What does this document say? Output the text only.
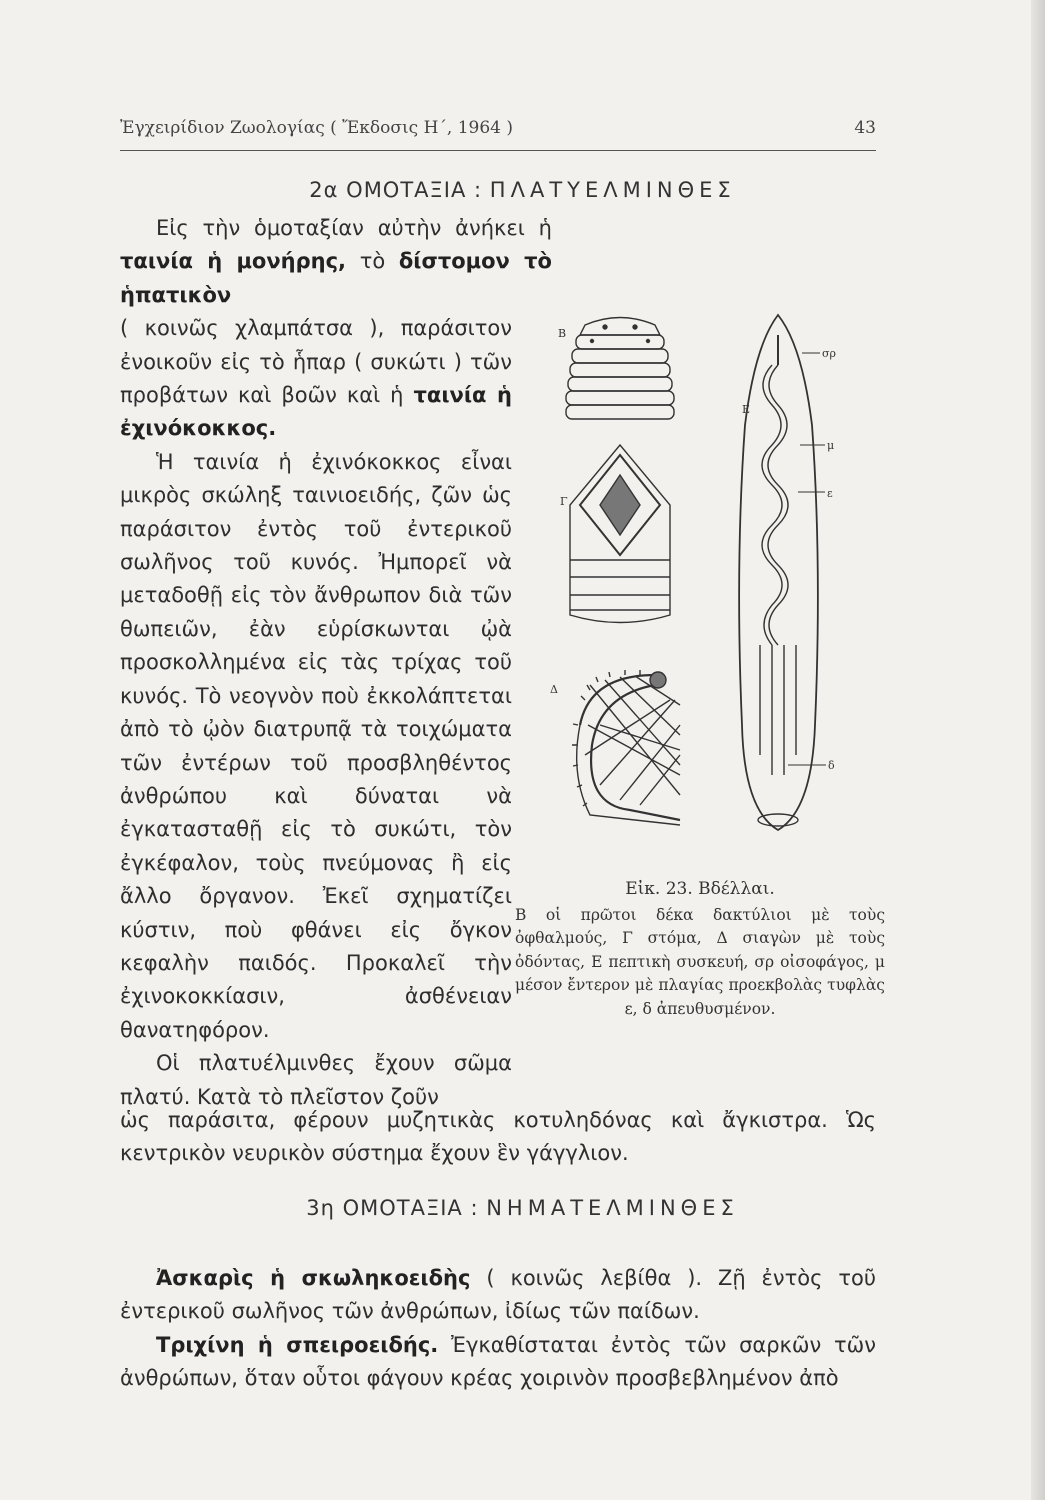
Ἐγχειρίδιον Ζωολογίας ( Ἔκδοσις Η΄, 1964 )	43
2α ΟΜΟΤΑΞΙΑ : ΠΛΑΤΥΕΛΜΙΝΘΕΣ

Εἰς τὴν ὁμοταξίαν αὐτὴν ἀνήκει ἡ ταινία ἡ μονήρης, τὸ δίστομον τὸ ἡπατικὸν

( κοινῶς χλαμπάτσα ), παράσιτον ἐνοικοῦν εἰς τὸ ἧπαρ ( συκώτι ) τῶν προβάτων καὶ βοῶν καὶ ἡ ταινία ἡ ἐχινόκοκκος.

Ἡ ταινία ἡ ἐχινόκοκκος εἶναι μικρὸς σκώληξ ταινιοειδής, ζῶν ὡς παράσιτον ἐντὸς τοῦ ἐντερικοῦ σωλῆνος τοῦ κυνός. Ἠμπορεῖ νὰ μεταδοθῇ εἰς τὸν ἄνθρωπον διὰ τῶν θωπειῶν, ἐὰν εὑρίσκωνται ᾠὰ προσκολλημένα εἰς τὰς τρίχας τοῦ κυνός. Τὸ νεογνὸν ποὺ ἐκκολάπτεται ἀπὸ τὸ ᾠὸν διατρυπᾷ τὰ τοιχώματα τῶν ἐντέρων τοῦ προσβληθέντος ἀνθρώπου καὶ δύναται νὰ ἐγκατασταθῇ εἰς τὸ συκώτι, τὸν ἐγκέφαλον, τοὺς πνεύμονας ἢ εἰς ἄλλο ὄργανον. Ἐκεῖ σχηματίζει κύστιν, ποὺ φθάνει εἰς ὄγκον κεφαλὴν παιδός. Προκαλεῖ τὴν ἐχινοκοκκίασιν, ἀσθένειαν θανατηφόρον.

Οἱ πλατυέλμινθες ἔχουν σῶμα πλατύ. Κατὰ τὸ πλεῖστον ζοῦν

ὡς παράσιτα, φέρουν μυζητικὰς κοτυληδόνας καὶ ἄγκιστρα. Ὡς κεντρικὸν νευρικὸν σύστημα ἔχουν ἓν γάγγλιον.

Β
Γ
Δ
Ε
σρ
μ
ε
δ
Εἰκ. 23. Βδέλλαι.
Β οἱ πρῶτοι δέκα δακτύλιοι μὲ τοὺς ὀφθαλμούς, Γ στόμα, Δ σιαγὼν μὲ τοὺς ὀδόντας, Ε πεπτικὴ συσκευή, σρ οἰσοφάγος, μ μέσον ἔντερον μὲ πλαγίας προεκβολὰς τυφλὰς ε, δ ἀπευθυσμένον.
3η ΟΜΟΤΑΞΙΑ : ΝΗΜΑΤΕΛΜΙΝΘΕΣ

Ἀσκαρὶς ἡ σκωληκοειδὴς ( κοινῶς λεβίθα ). Ζῇ ἐντὸς τοῦ ἐντερικοῦ σωλῆνος τῶν ἀνθρώπων, ἰδίως τῶν παίδων.

Τριχίνη ἡ σπειροειδής. Ἐγκαθίσταται ἐντὸς τῶν σαρκῶν τῶν ἀνθρώπων, ὅταν οὗτοι φάγουν κρέας χοιρινὸν προσβεβλημένον ἀπὸ
